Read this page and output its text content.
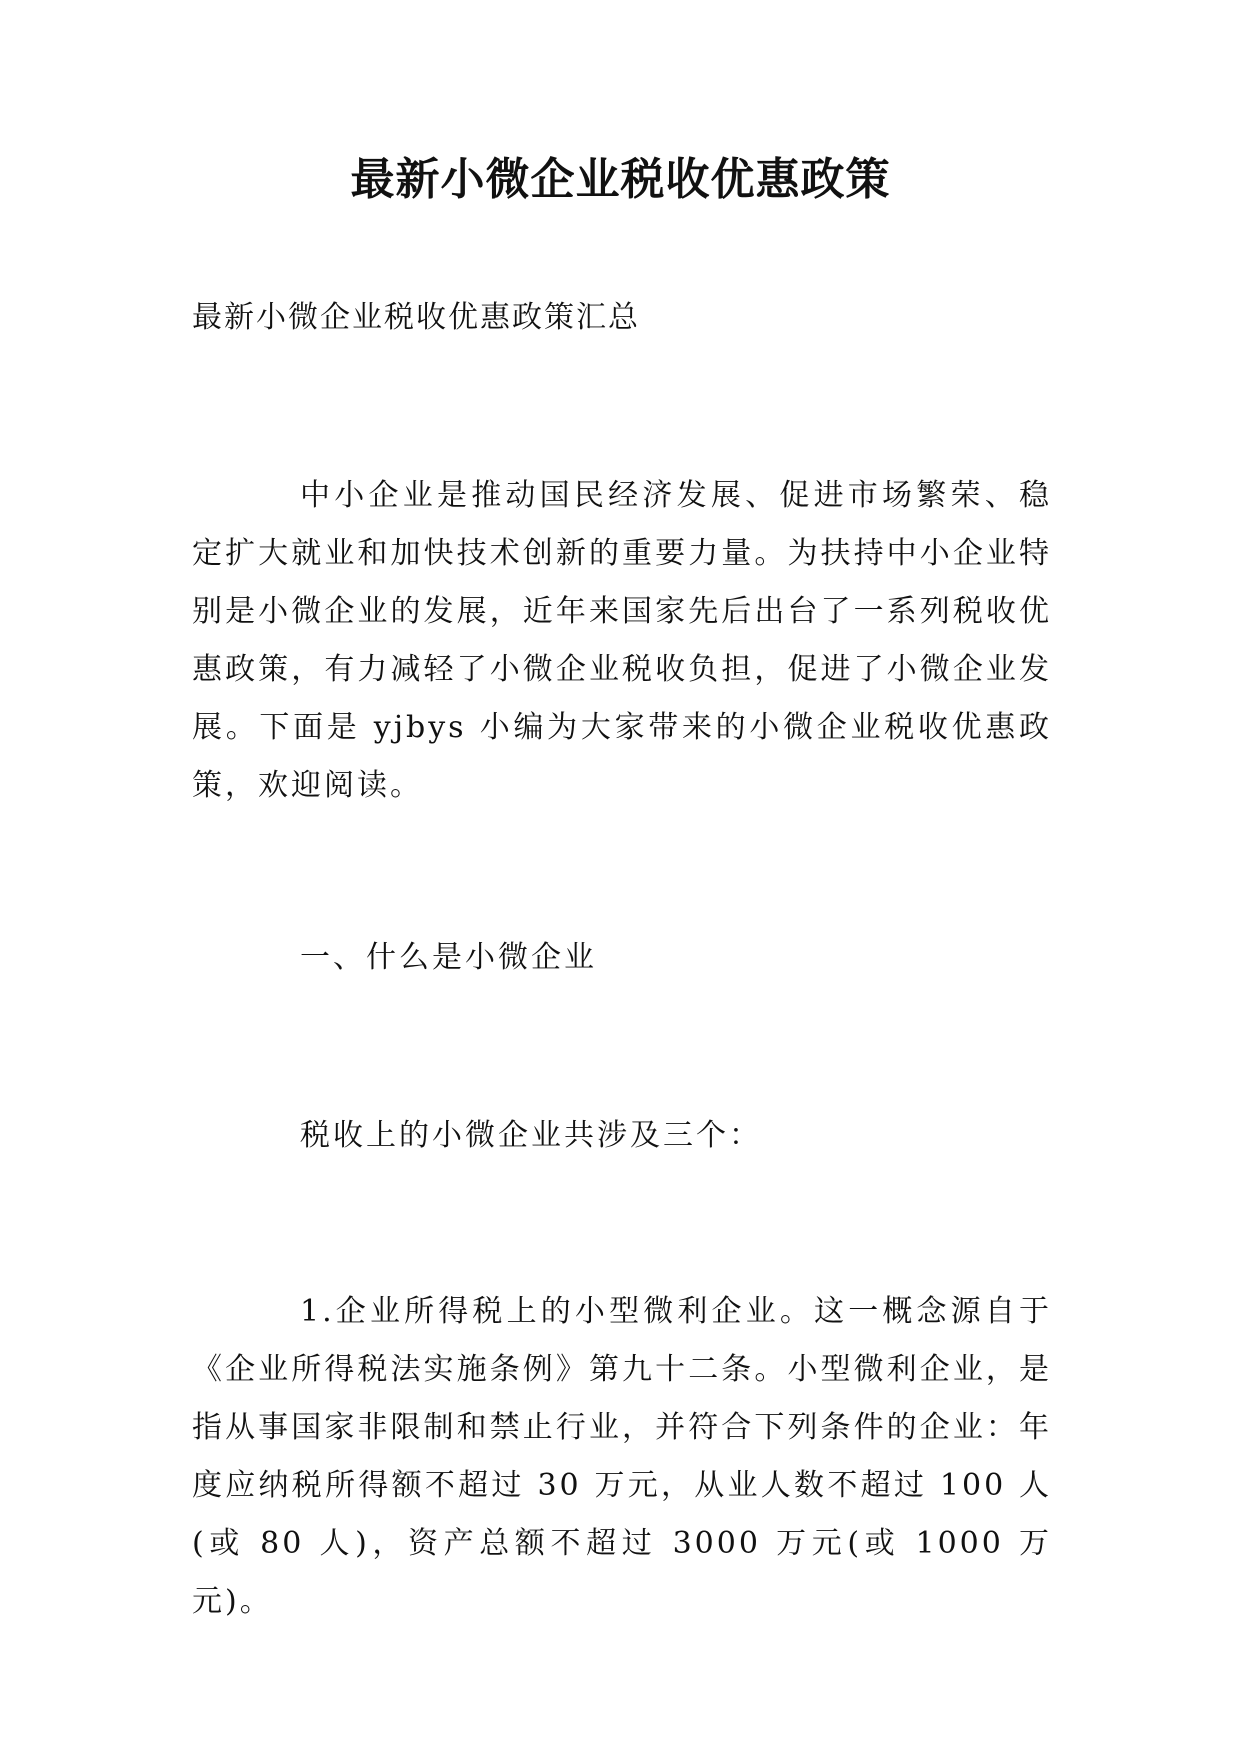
最新小微企业税收优惠政策
最新小微企业税收优惠政策汇总

中小企业是推动国民经济发展、促进市场繁荣、稳定扩大就业和加快技术创新的重要力量。为扶持中小企业特别是小微企业的发展，近年来国家先后出台了一系列税收优惠政策，有力减轻了小微企业税收负担，促进了小微企业发展。下面是 yjbys 小编为大家带来的小微企业税收优惠政策，欢迎阅读。

一、什么是小微企业

税收上的小微企业共涉及三个：

1.企业所得税上的小型微利企业。这一概念源自于《企业所得税法实施条例》第九十二条。小型微利企业，是指从事国家非限制和禁止行业，并符合下列条件的企业：年度应纳税所得额不超过 30 万元，从业人数不超过 100 人(或 80 人)，资产总额不超过 3000 万元(或 1000 万元)。
